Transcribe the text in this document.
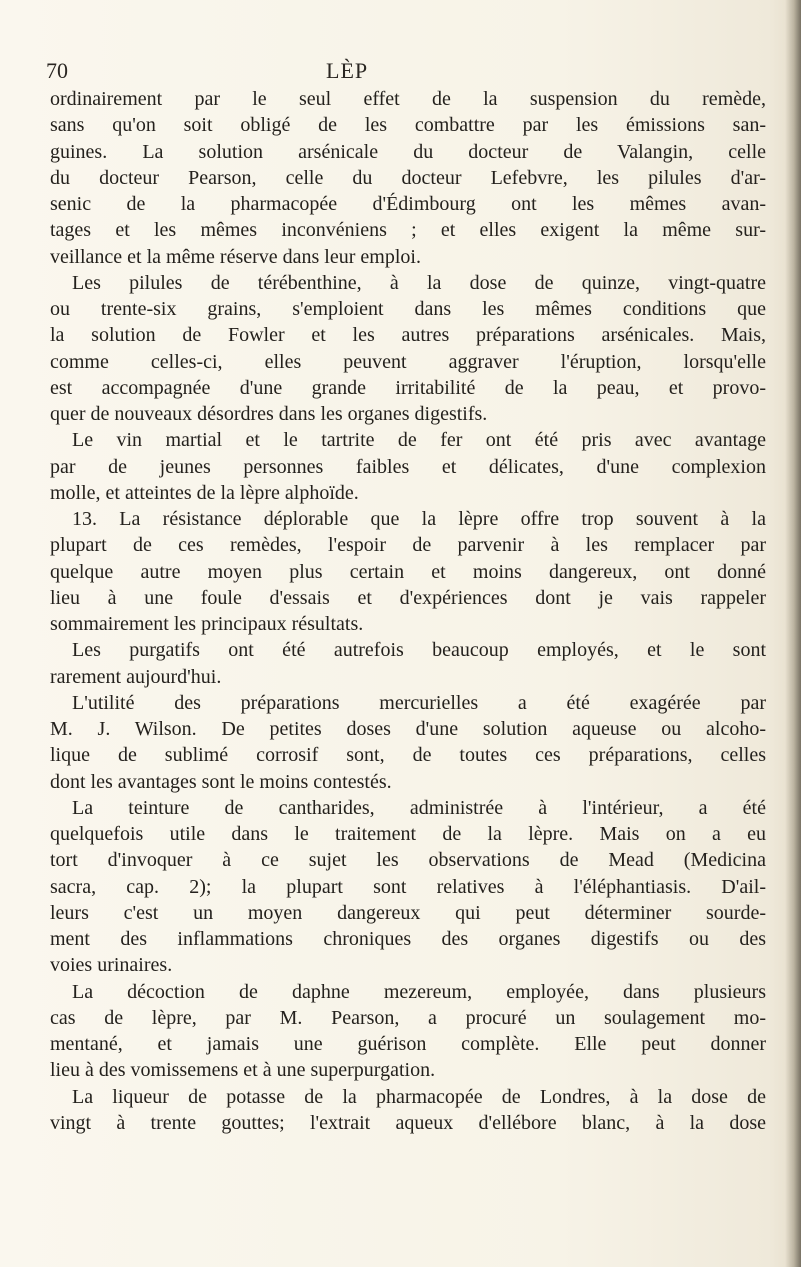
70	LÈP
ordinairement par le seul effet de la suspension du remède,
sans qu'on soit obligé de les combattre par les émissions san-
guines. La solution arsénicale du docteur de Valangin, celle
du docteur Pearson, celle du docteur Lefebvre, les pilules d'ar-
senic de la pharmacopée d'Édimbourg ont les mêmes avan-
tages et les mêmes inconvéniens ; et elles exigent la même sur-
veillance et la même réserve dans leur emploi.
Les pilules de térébenthine, à la dose de quinze, vingt-quatre
ou trente-six grains, s'emploient dans les mêmes conditions que
la solution de Fowler et les autres préparations arsénicales. Mais,
comme celles-ci, elles peuvent aggraver l'éruption, lorsqu'elle
est accompagnée d'une grande irritabilité de la peau, et provo-
quer de nouveaux désordres dans les organes digestifs.
Le vin martial et le tartrite de fer ont été pris avec avantage
par de jeunes personnes faibles et délicates, d'une complexion
molle, et atteintes de la lèpre alphoïde.
13. La résistance déplorable que la lèpre offre trop souvent à la
plupart de ces remèdes, l'espoir de parvenir à les remplacer par
quelque autre moyen plus certain et moins dangereux, ont donné
lieu à une foule d'essais et d'expériences dont je vais rappeler
sommairement les principaux résultats.
Les purgatifs ont été autrefois beaucoup employés, et le sont
rarement aujourd'hui.
L'utilité des préparations mercurielles a été exagérée par
M. J. Wilson. De petites doses d'une solution aqueuse ou alcoho-
lique de sublimé corrosif sont, de toutes ces préparations, celles
dont les avantages sont le moins contestés.
La teinture de cantharides, administrée à l'intérieur, a été
quelquefois utile dans le traitement de la lèpre. Mais on a eu
tort d'invoquer à ce sujet les observations de Mead (Medicina
sacra, cap. 2); la plupart sont relatives à l'éléphantiasis. D'ail-
leurs c'est un moyen dangereux qui peut déterminer sourde-
ment des inflammations chroniques des organes digestifs ou des
voies urinaires.
La décoction de daphne mezereum, employée, dans plusieurs
cas de lèpre, par M. Pearson, a procuré un soulagement mo-
mentané, et jamais une guérison complète. Elle peut donner
lieu à des vomissemens et à une superpurgation.
La liqueur de potasse de la pharmacopée de Londres, à la dose de
vingt à trente gouttes; l'extrait aqueux d'ellébore blanc, à la dose
